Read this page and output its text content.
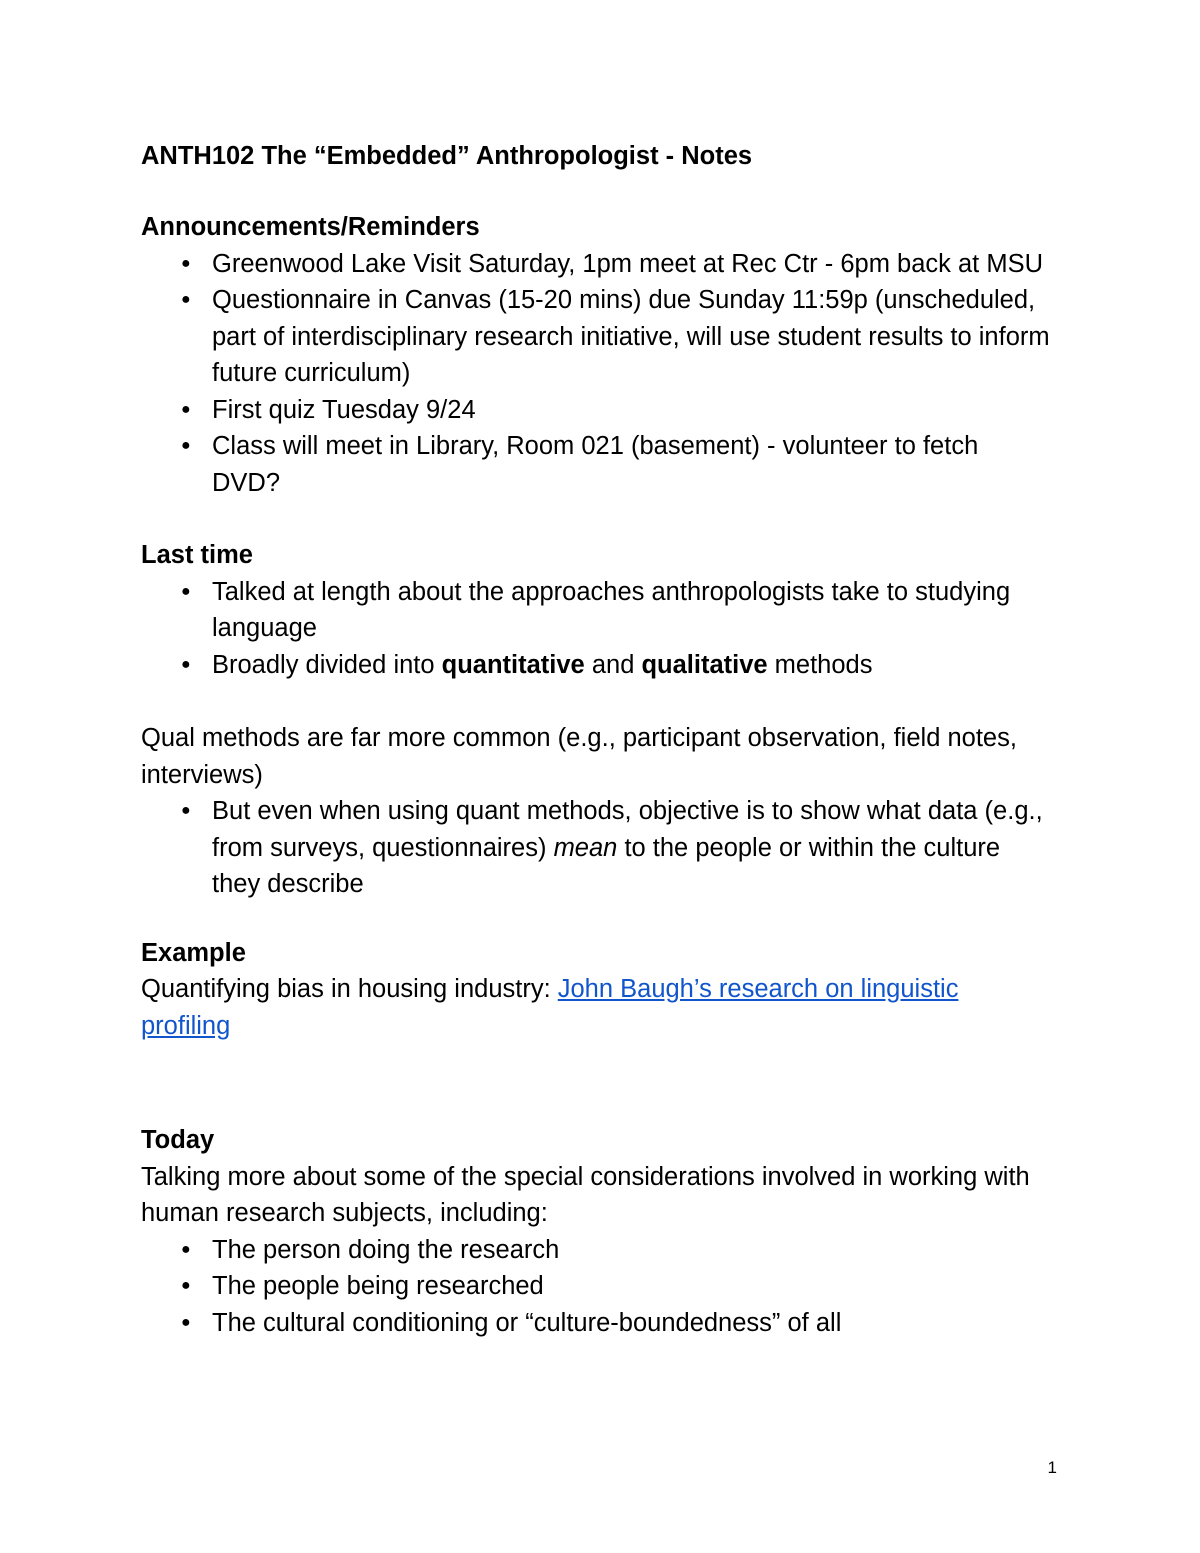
ANTH102 The “Embedded” Anthropologist - Notes
Announcements/Reminders
● Greenwood Lake Visit Saturday, 1pm meet at Rec Ctr - 6pm back at MSU
● Questionnaire in Canvas (15-20 mins) due Sunday 11:59p (unscheduled, part of interdisciplinary research initiative, will use student results to inform future curriculum)
● First quiz Tuesday 9/24
● Class will meet in Library, Room 021 (basement) - volunteer to fetch DVD?
Last time
● Talked at length about the approaches anthropologists take to studying language
● Broadly divided into quantitative and qualitative methods

Qual methods are far more common (e.g., participant observation, field notes, interviews)

● But even when using quant methods, objective is to show what data (e.g., from surveys, questionnaires) mean to the people or within the culture they describe
Example

Quantifying bias in housing industry: John Baugh’s research on linguistic profiling

Today

Talking more about some of the special considerations involved in working with human research subjects, including:

● The person doing the research
● The people being researched
● The cultural conditioning or “culture-boundedness” of all
1
